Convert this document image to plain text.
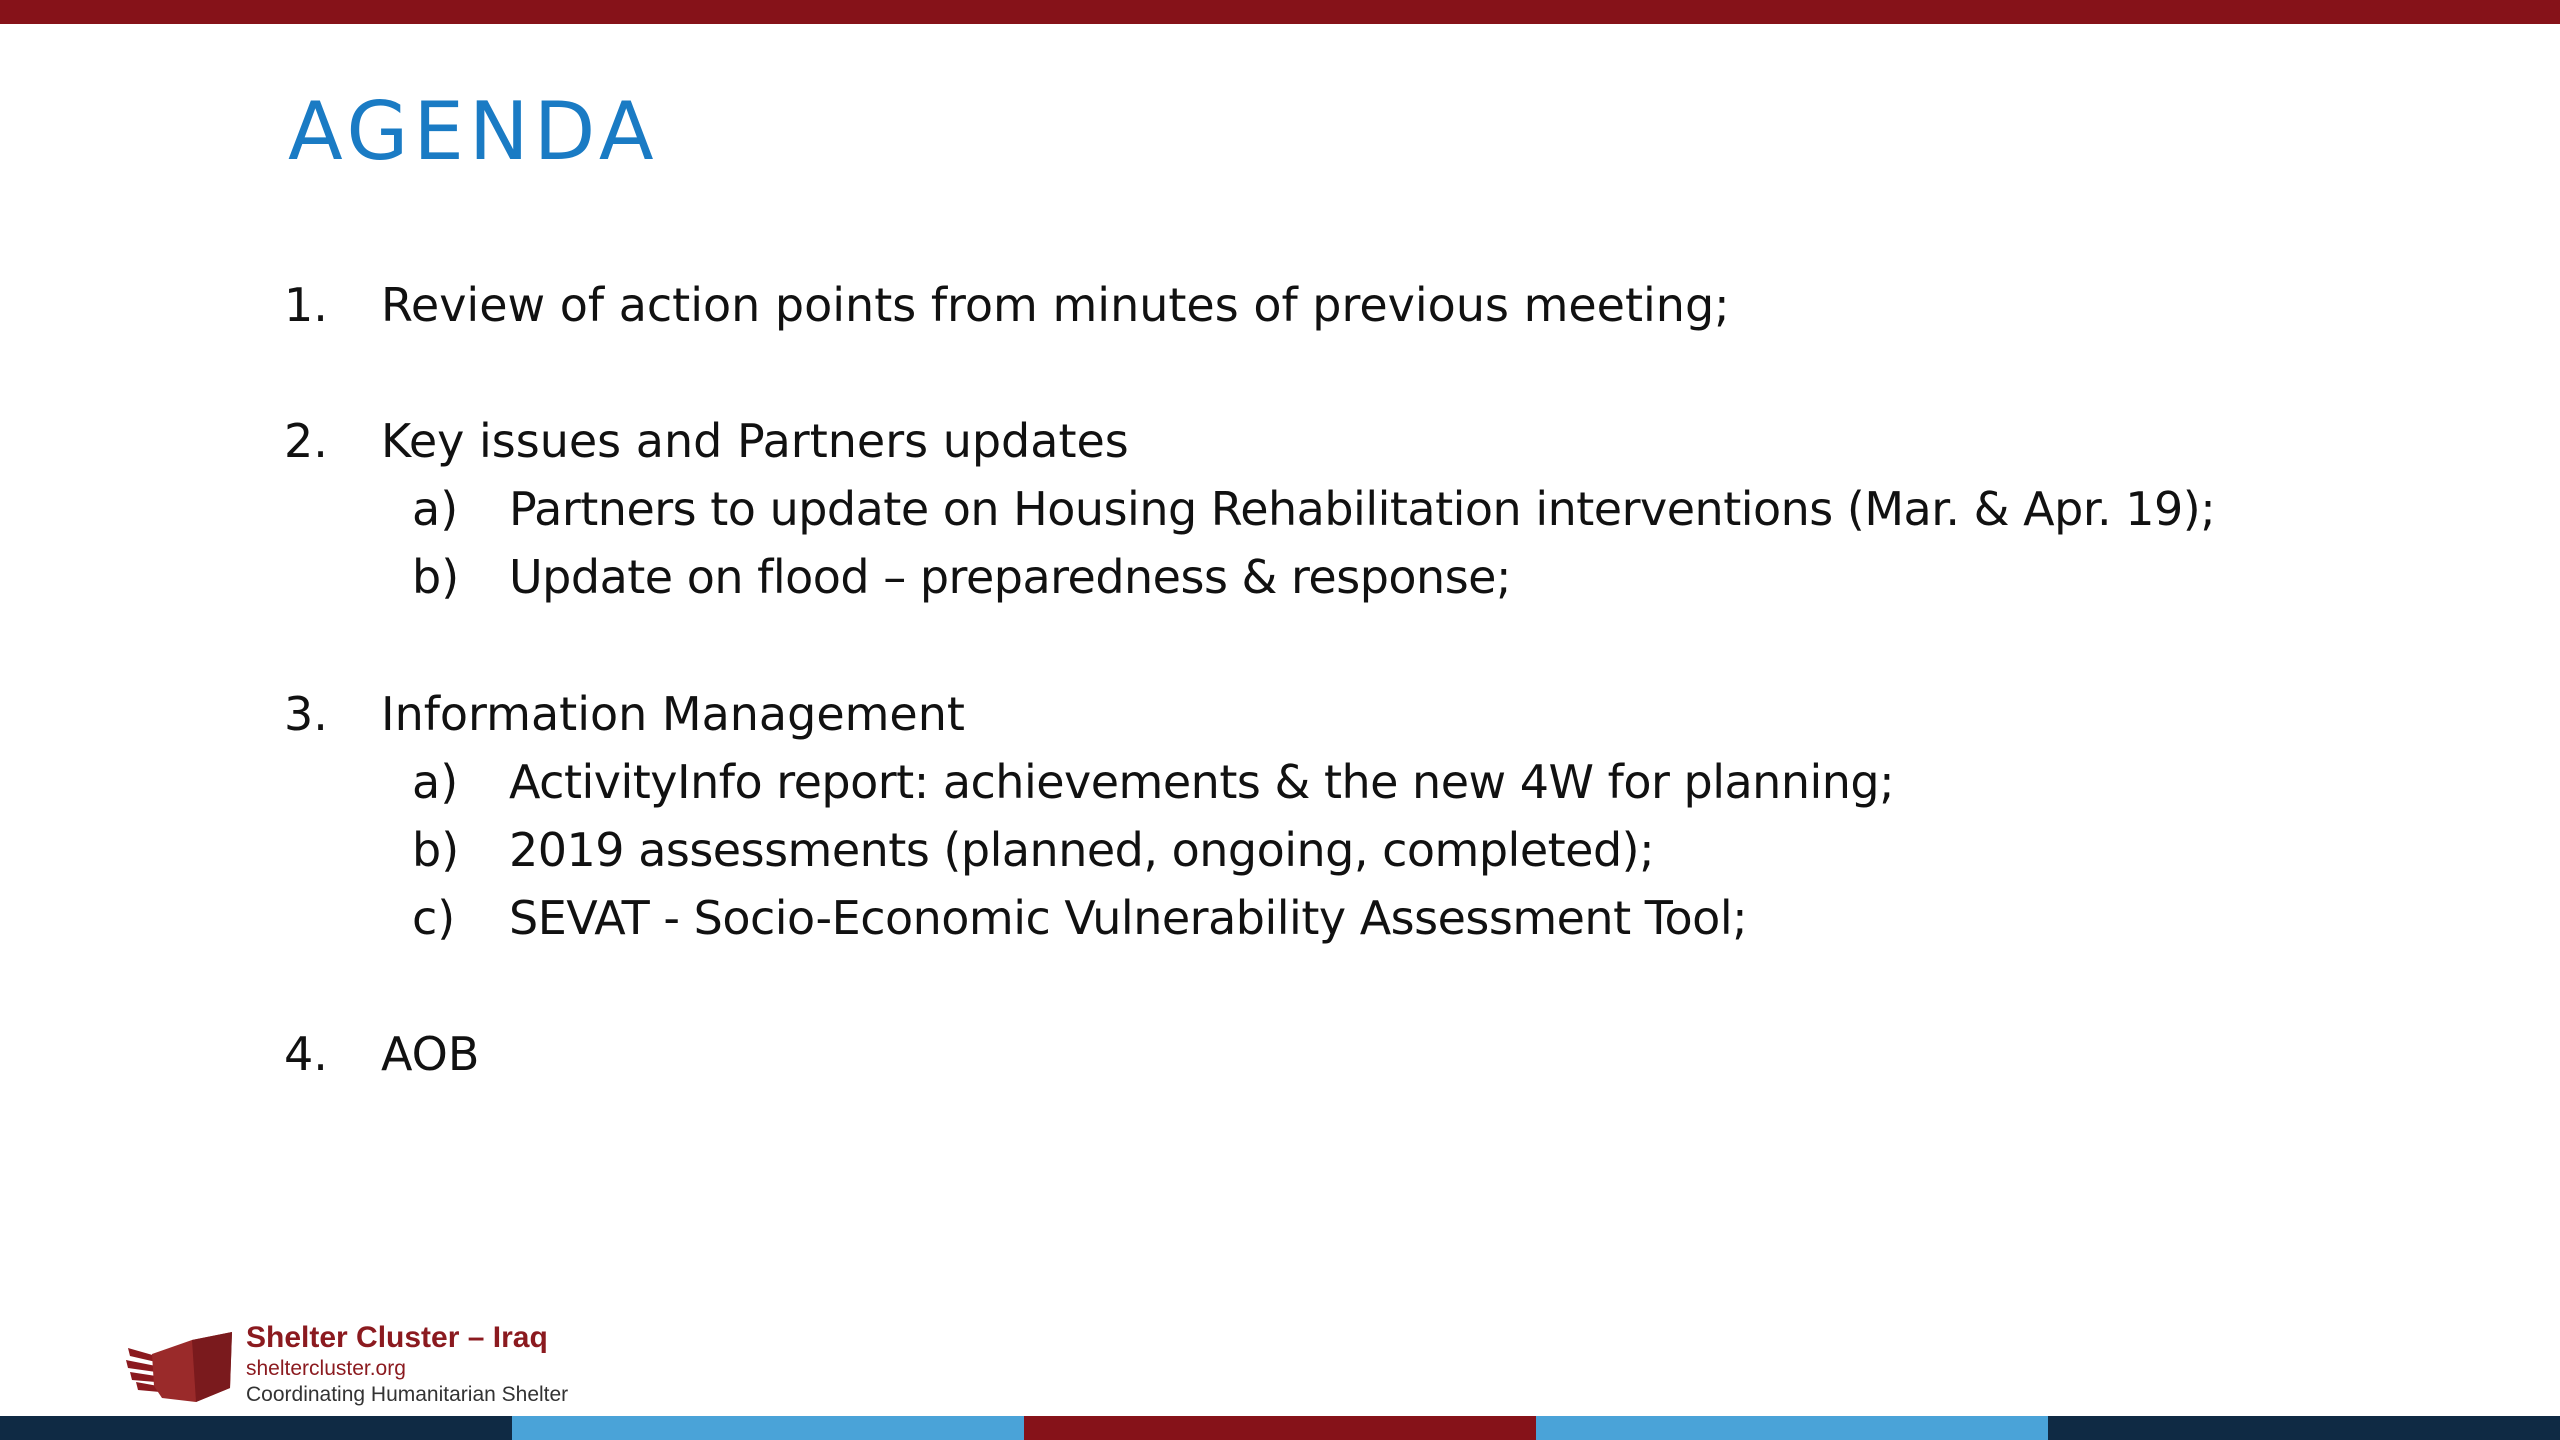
AGENDA
1. Review of action points from minutes of previous meeting;
2. Key issues and Partners updates
a) Partners to update on Housing Rehabilitation interventions (Mar. & Apr. 19);
b) Update on flood – preparedness & response;
3. Information Management
a) ActivityInfo report: achievements & the new 4W for planning;
b) 2019 assessments (planned, ongoing, completed);
c) SEVAT - Socio-Economic Vulnerability Assessment Tool;
4. AOB
Shelter Cluster – Iraq
sheltercluster.org
Coordinating Humanitarian Shelter
